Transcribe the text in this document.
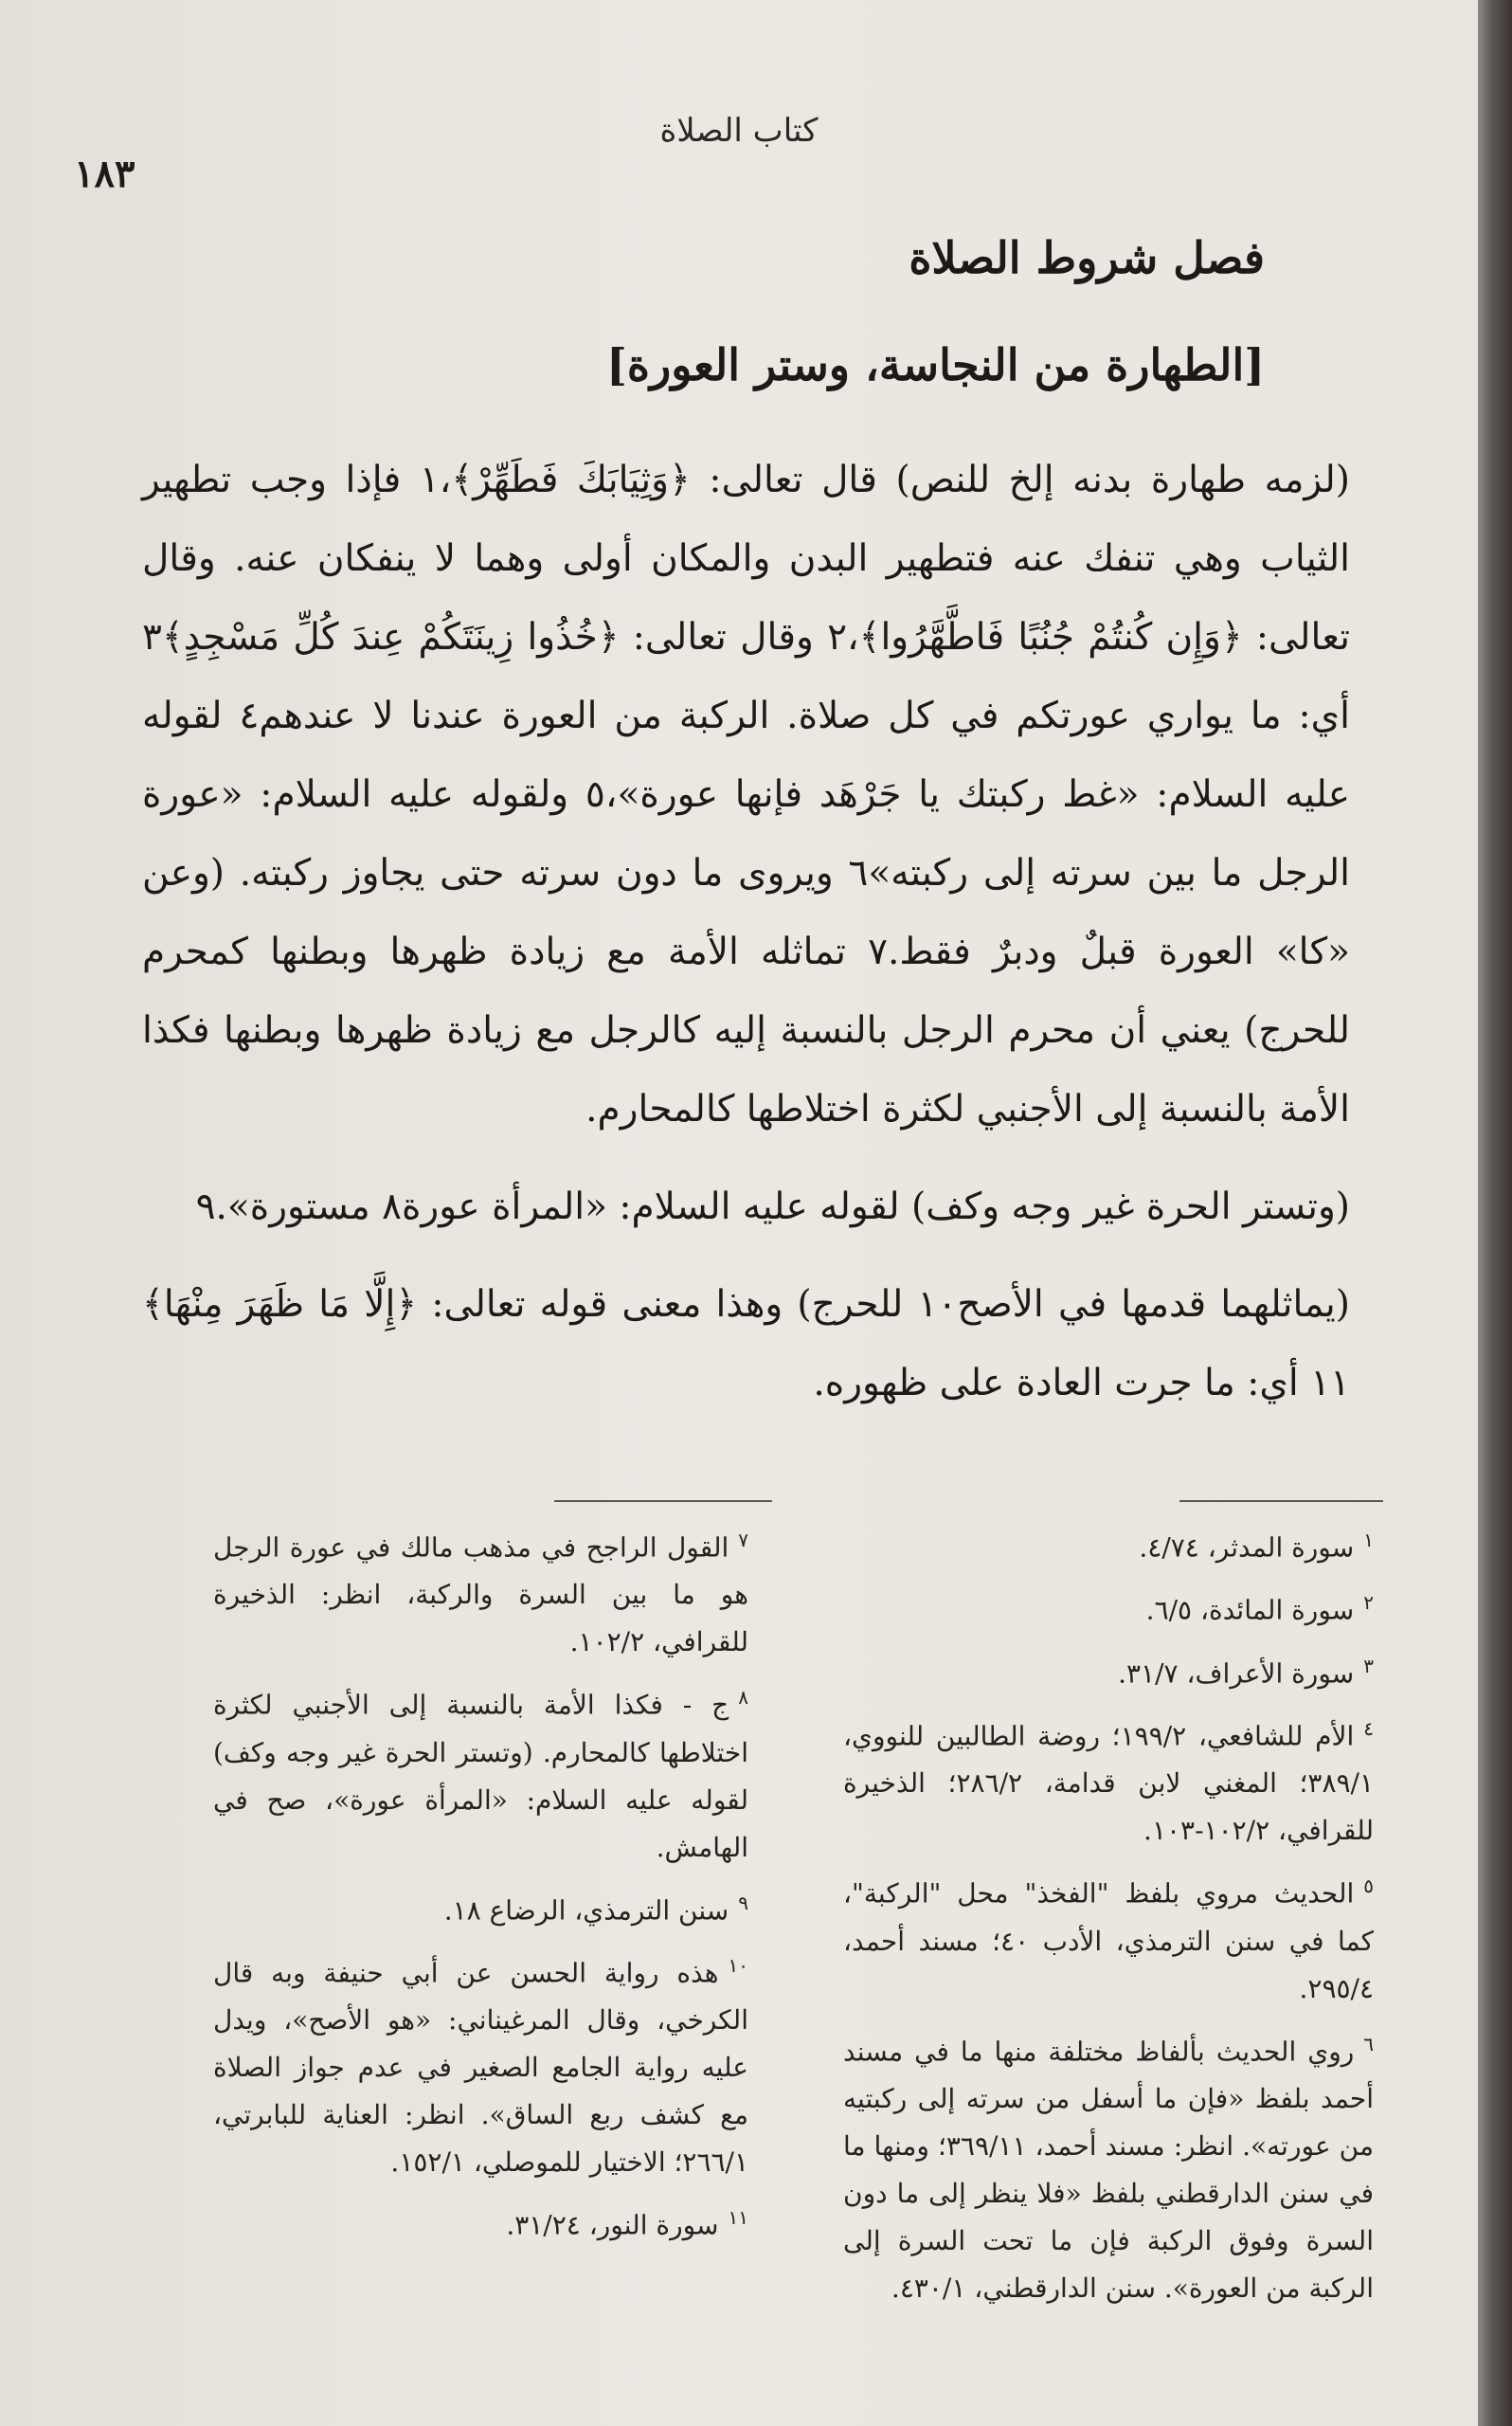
كتاب الصلاة
١٨٣
فصل شروط الصلاة
[الطهارة من النجاسة، وستر العورة]

(لزمه طهارة بدنه إلخ للنص) قال تعالى: ﴿وَثِيَابَكَ فَطَهِّرْ﴾،١ فإذا وجب تطهير الثياب وهي تنفك عنه فتطهير البدن والمكان أولى وهما لا ينفكان عنه. وقال تعالى: ﴿وَإِن كُنتُمْ جُنُبًا فَاطَّهَّرُوا﴾،٢ وقال تعالى: ﴿خُذُوا زِينَتَكُمْ عِندَ كُلِّ مَسْجِدٍ﴾٣ أي: ما يواري عورتكم في كل صلاة. الركبة من العورة عندنا لا عندهم٤ لقوله عليه السلام: «غط ركبتك يا جَرْهَد فإنها عورة»،٥ ولقوله عليه السلام: «عورة الرجل ما بين سرته إلى ركبته»٦ ويروى ما دون سرته حتى يجاوز ركبته. (وعن «كا» العورة قبلٌ ودبرٌ فقط.٧ تماثله الأمة مع زيادة ظهرها وبطنها كمحرم للحرج) يعني أن محرم الرجل بالنسبة إليه كالرجل مع زيادة ظهرها وبطنها فكذا الأمة بالنسبة إلى الأجنبي لكثرة اختلاطها كالمحارم.

(وتستر الحرة غير وجه وكف) لقوله عليه السلام: «المرأة عورة٨ مستورة».٩

(يماثلهما قدمها في الأصح١٠ للحرج) وهذا معنى قوله تعالى: ﴿إِلَّا مَا ظَهَرَ مِنْهَا﴾١١ أي: ما جرت العادة على ظهوره.

$^١$سورة المدثر، ٤/٧٤.
$^٢$سورة المائدة، ٦/٥.
$^٣$سورة الأعراف، ٣١/٧.
$^٤$الأم للشافعي، ١٩٩/٢؛ روضة الطالبين للنووي، ٣٨٩/١؛ المغني لابن قدامة، ٢٨٦/٢؛ الذخيرة للقرافي، ١٠٢/٢-١٠٣.
$^٥$الحديث مروي بلفظ "الفخذ" محل "الركبة"، كما في سنن الترمذي، الأدب ٤٠؛ مسند أحمد، ٢٩٥/٤.
$^٦$روي الحديث بألفاظ مختلفة منها ما في مسند أحمد بلفظ «فإن ما أسفل من سرته إلى ركبتيه من عورته». انظر: مسند أحمد، ٣٦٩/١١؛ ومنها ما في سنن الدارقطني بلفظ «فلا ينظر إلى ما دون السرة وفوق الركبة فإن ما تحت السرة إلى الركبة من العورة». سنن الدارقطني، ٤٣٠/١.
$^٧$القول الراجح في مذهب مالك في عورة الرجل هو ما بين السرة والركبة، انظر: الذخيرة للقرافي، ١٠٢/٢.
$^٨$ج - فكذا الأمة بالنسبة إلى الأجنبي لكثرة اختلاطها كالمحارم. (وتستر الحرة غير وجه وكف) لقوله عليه السلام: «المرأة عورة»، صح في الهامش.
$^٩$سنن الترمذي، الرضاع ١٨.
$^{١٠}$هذه رواية الحسن عن أبي حنيفة وبه قال الكرخي، وقال المرغيناني: «هو الأصح»، ويدل عليه رواية الجامع الصغير في عدم جواز الصلاة مع كشف ربع الساق». انظر: العناية للبابرتي، ٢٦٦/١؛ الاختيار للموصلي، ١٥٢/١.
$^{١١}$سورة النور، ٣١/٢٤.
